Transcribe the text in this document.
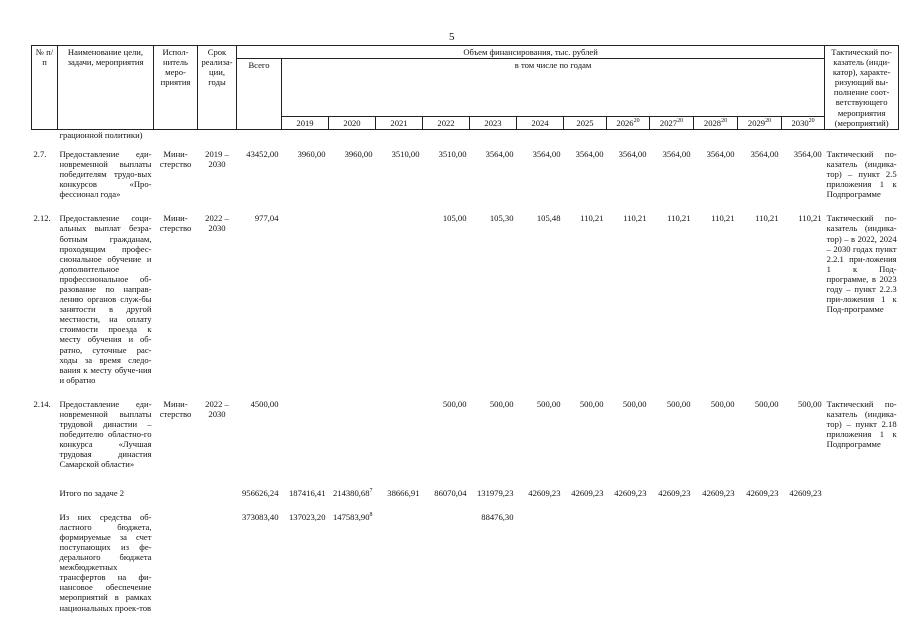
5
№ п/п	Наименование цели, задачи, мероприятия	Испол-нитель меро-приятия	Срок реализа-ции, годы	Объем финансирования, тыс. рублей													Тактический по-казатель (инди-катор), характе-ризующий вы-полнение соот-ветствующего мероприятия (мероприятий)
				Всего	в том числе по годам												
					2019	2020	2021	2022	2023	2024	2025	2026$^{20}$	2027$^{20}$	2028$^{20}$	2029$^{20}$	2030$^{20}$
	грационной политики)																
2.7.	Предоставление еди-новременной выплаты победителям трудо-вых конкурсов «Про-фессионал года»	Мини-стерство	2019 – 2030	43452,00	3960,00	3960,00	3510,00	3510,00	3564,00	3564,00	3564,00	3564,00	3564,00	3564,00	3564,00	3564,00	Тактический по-казатель (индика-тор) – пункт 2.5 приложения 1 к Подпрограмме
2.12.	Предоставление соци-альных выплат безра-ботным гражданам, проходящим профес-сиональное обучение и дополнительное профессиональное об-разование по направ-лению органов служ-бы занятости в другой местности, на оплату стоимости проезда к месту обучения и об-ратно, суточные рас-ходы за время следо-вания к месту обуче-ния и обратно	Мини-стерство	2022 – 2030	977,04				105,00	105,30	105,48	110,21	110,21	110,21	110,21	110,21	110,21	Тактический по-казатель (индика-тор) – в 2022, 2024 – 2030 годах пункт 2.2.1 при-ложения 1 к Под-программе, в 2023 году – пункт 2.2.3 при-ложения 1 к Под-программе
2.14.	Предоставление еди-новременной выплаты трудовой династии – победителю областно-го конкурса «Лучшая трудовая династия Самарской области»	Мини-стерство	2022 – 2030	4500,00				500,00	500,00	500,00	500,00	500,00	500,00	500,00	500,00	500,00	Тактический по-казатель (индика-тор) – пункт 2.18 приложения 1 к Подпрограмме
	Итого по задаче 2			956626,24	187416,41	214380,68$^7$	38666,91	86070,04	131979,23	42609,23	42609,23	42609,23	42609,23	42609,23	42609,23	42609,23	
	Из них средства об-ластного бюджета, формируемые за счет поступающих из фе-дерального бюджета межбюджетных трансфертов на фи-нансовое обеспечение мероприятий в рамках национальных проек-тов			373083,40	137023,20	147583,90$^8$			88476,30								
